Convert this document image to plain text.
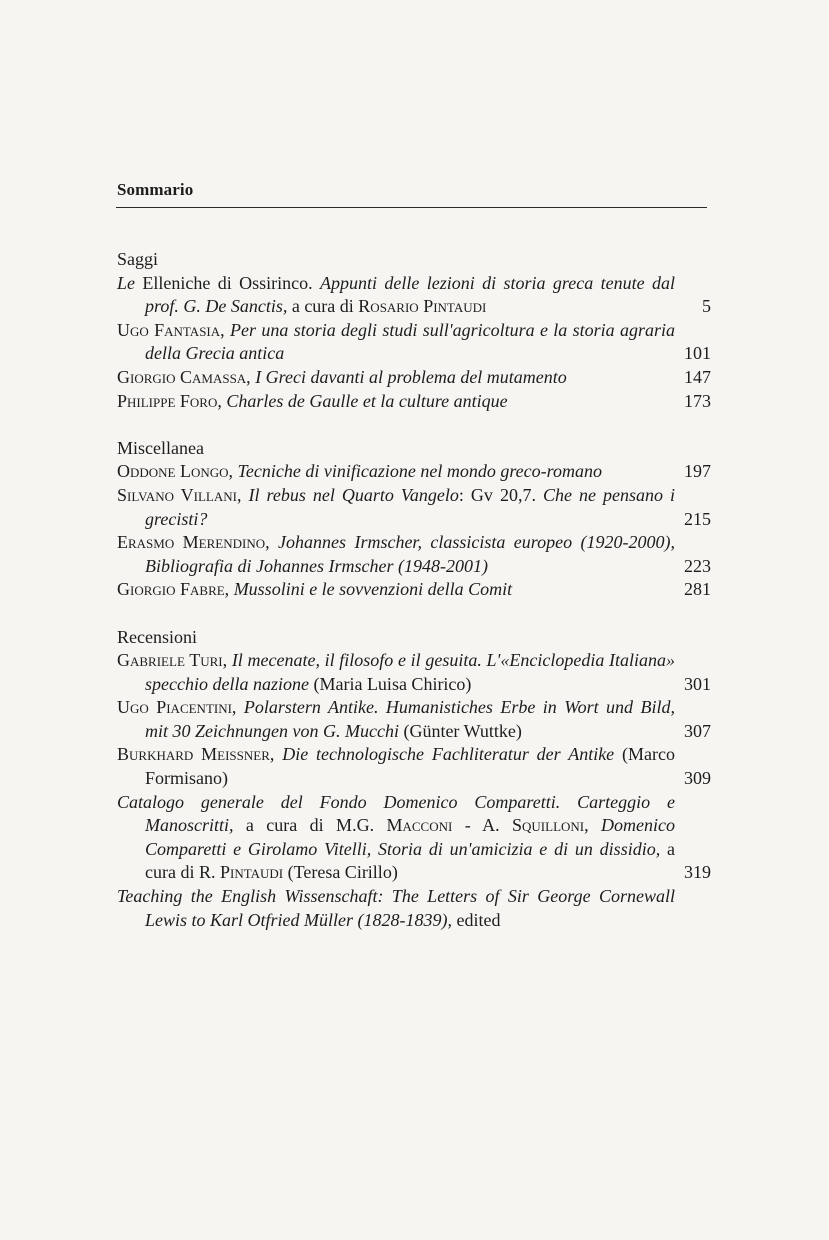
Sommario
Saggi
Le Elleniche di Ossirinco. Appunti delle lezioni di storia greca tenute dal prof. G. De Sanctis, a cura di Rosario Pintaudi	5
Ugo Fantasia, Per una storia degli studi sull'agricoltura e la storia agraria della Grecia antica	101
Giorgio Camassa, I Greci davanti al problema del mutamento	147
Philippe Foro, Charles de Gaulle et la culture antique	173
Miscellanea
Oddone Longo, Tecniche di vinificazione nel mondo greco-romano	197
Silvano Villani, Il rebus nel Quarto Vangelo: Gv 20,7. Che ne pensano i grecisti?	215
Erasmo Merendino, Johannes Irmscher, classicista europeo (1920-2000), Bibliografia di Johannes Irmscher (1948-2001)	223
Giorgio Fabre, Mussolini e le sovvenzioni della Comit	281
Recensioni
Gabriele Turi, Il mecenate, il filosofo e il gesuita. L'«Enciclopedia Italiana» specchio della nazione (Maria Luisa Chirico)	301
Ugo Piacentini, Polarstern Antike. Humanistiches Erbe in Wort und Bild, mit 30 Zeichnungen von G. Mucchi (Günter Wuttke)	307
Burkhard Meissner, Die technologische Fachliteratur der Antike (Marco Formisano)	309
Catalogo generale del Fondo Domenico Comparetti. Carteggio e Manoscritti, a cura di M.G. Macconi - A. Squilloni, Domenico Comparetti e Girolamo Vitelli, Storia di un'amicizia e di un dissidio, a cura di R. Pintaudi (Teresa Cirillo)	319
Teaching the English Wissenschaft: The Letters of Sir George Cornewall Lewis to Karl Otfried Müller (1828-1839), edited
